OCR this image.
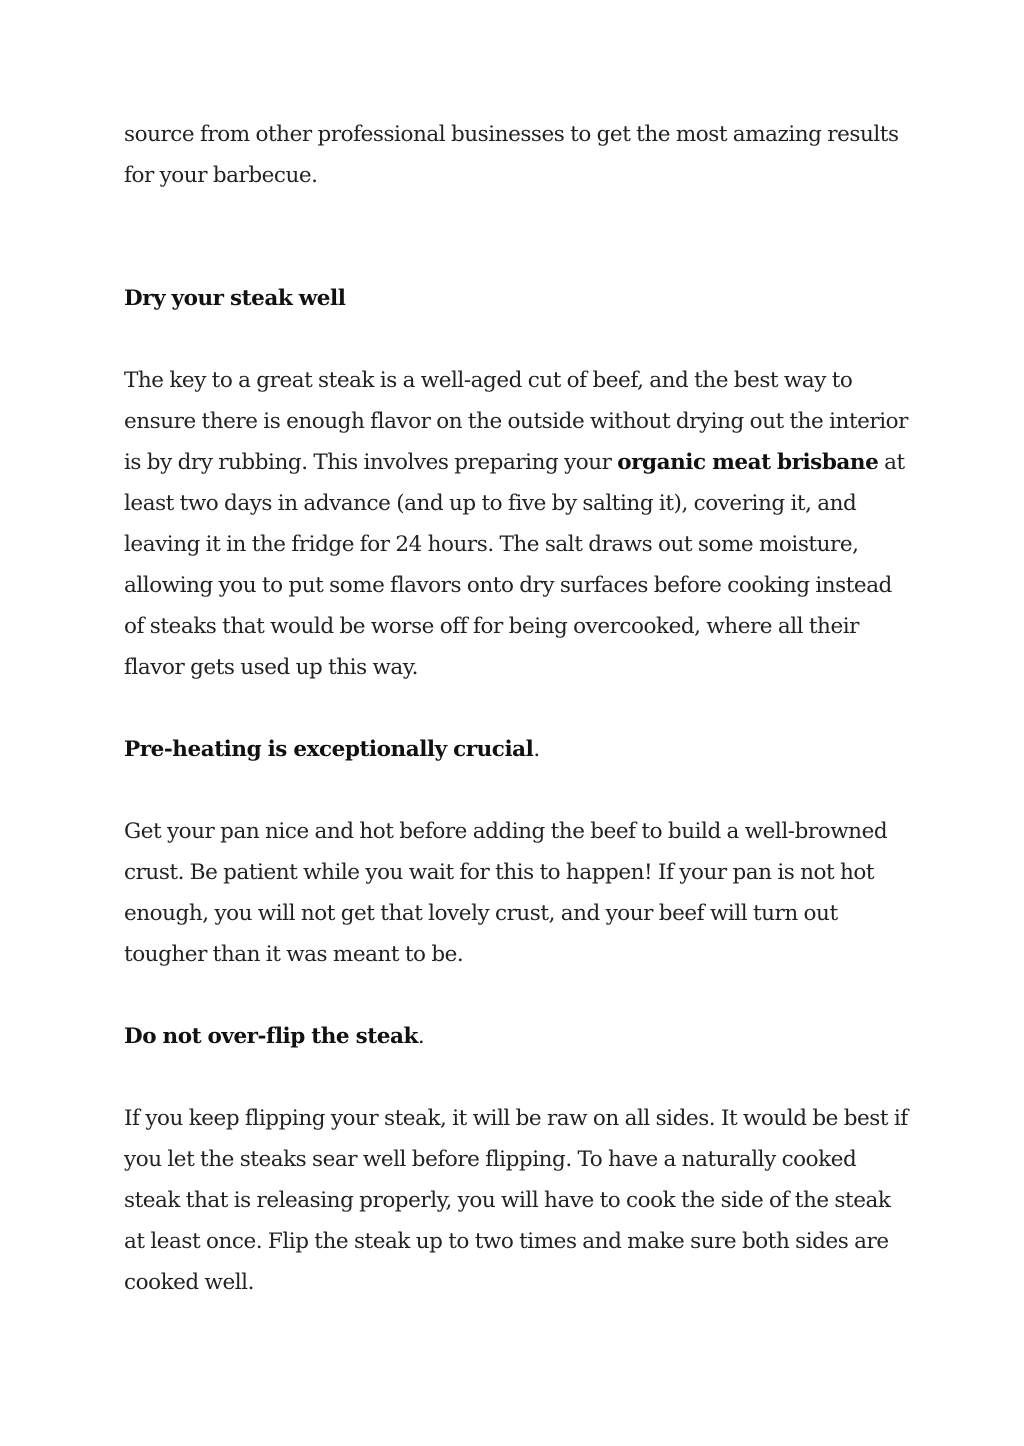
source from other professional businesses to get the most amazing results for your barbecue.

Dry your steak well

The key to a great steak is a well-aged cut of beef, and the best way to ensure there is enough flavor on the outside without drying out the interior is by dry rubbing. This involves preparing your organic meat brisbane at least two days in advance (and up to five by salting it), covering it, and leaving it in the fridge for 24 hours. The salt draws out some moisture, allowing you to put some flavors onto dry surfaces before cooking instead of steaks that would be worse off for being overcooked, where all their flavor gets used up this way.

Pre-heating is exceptionally crucial.

Get your pan nice and hot before adding the beef to build a well-browned crust. Be patient while you wait for this to happen! If your pan is not hot enough, you will not get that lovely crust, and your beef will turn out tougher than it was meant to be.

Do not over-flip the steak.

If you keep flipping your steak, it will be raw on all sides. It would be best if you let the steaks sear well before flipping. To have a naturally cooked steak that is releasing properly, you will have to cook the side of the steak at least once. Flip the steak up to two times and make sure both sides are cooked well.
